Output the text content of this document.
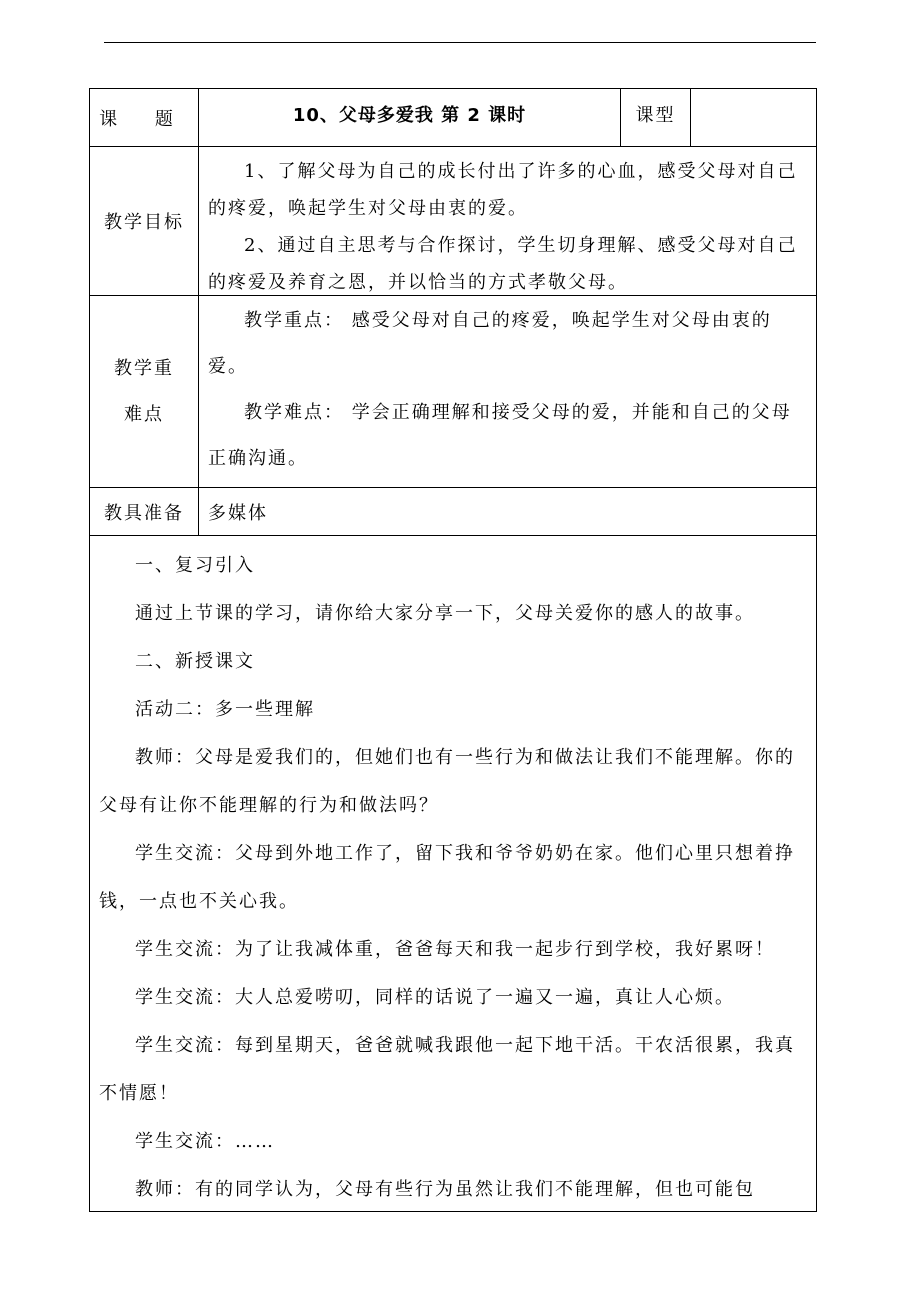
课 题	10、父母多爱我 第 2 课时	课型
教学目标

1、了解父母为自己的成长付出了许多的心血，感受父母对自己的疼爱，唤起学生对父母由衷的爱。

2、通过自主思考与合作探讨，学生切身理解、感受父母对自己的疼爱及养育之恩，并以恰当的方式孝敬父母。

教学重
难点

教学重点： 感受父母对自己的疼爱，唤起学生对父母由衷的爱。

教学难点： 学会正确理解和接受父母的爱，并能和自己的父母正确沟通。

教具准备 多媒体

一、复习引入

通过上节课的学习，请你给大家分享一下，父母关爱你的感人的故事。

二、新授课文

活动二：多一些理解

教师：父母是爱我们的，但她们也有一些行为和做法让我们不能理解。你的父母有让你不能理解的行为和做法吗？

学生交流：父母到外地工作了，留下我和爷爷奶奶在家。他们心里只想着挣钱，一点也不关心我。

学生交流：为了让我减体重，爸爸每天和我一起步行到学校，我好累呀！

学生交流：大人总爱唠叨，同样的话说了一遍又一遍，真让人心烦。

学生交流：每到星期天，爸爸就喊我跟他一起下地干活。干农活很累，我真不情愿！

学生交流：……

教师：有的同学认为，父母有些行为虽然让我们不能理解，但也可能包
